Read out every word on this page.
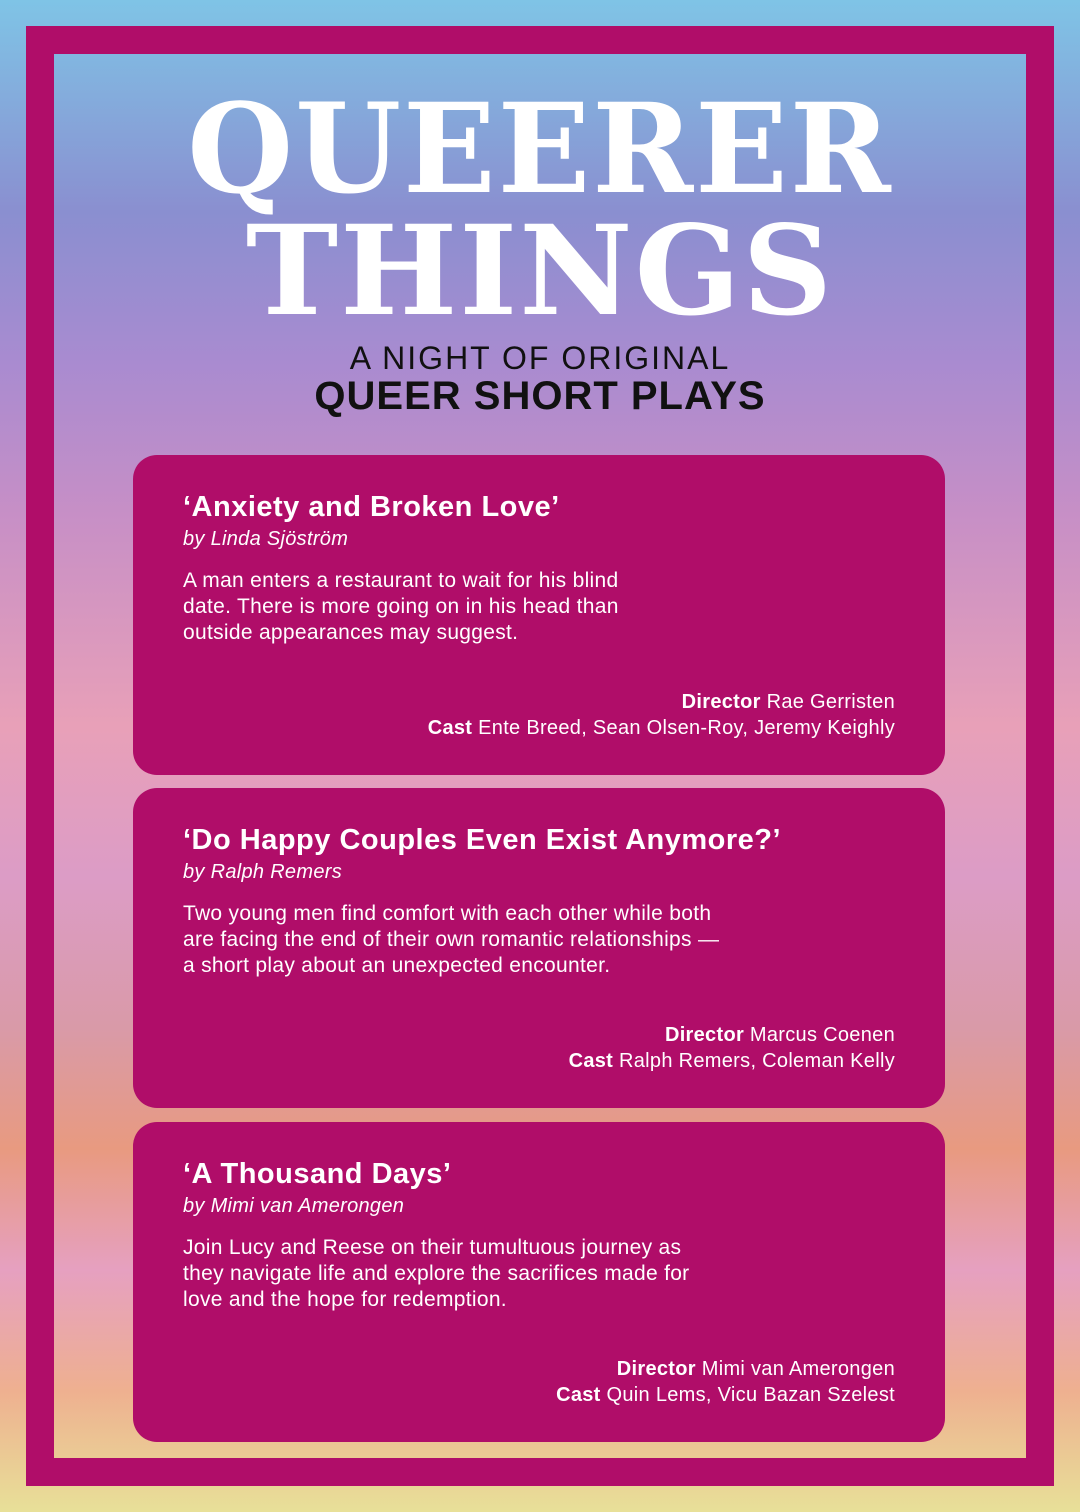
QUEERER
THINGS
A NIGHT OF ORIGINAL
QUEER SHORT PLAYS
‘Anxiety and Broken Love’
by Linda Sjöström
A man enters a restaurant to wait for his blind
date. There is more going on in his head than
outside appearances may suggest.
Director Rae Gerristen
Cast Ente Breed, Sean Olsen-Roy, Jeremy Keighly
‘Do Happy Couples Even Exist Anymore?’
by Ralph Remers
Two young men find comfort with each other while both
are facing the end of their own romantic relationships —
a short play about an unexpected encounter.
Director Marcus Coenen
Cast Ralph Remers, Coleman Kelly
‘A Thousand Days’
by Mimi van Amerongen
Join Lucy and Reese on their tumultuous journey as
they navigate life and explore the sacrifices made for
love and the hope for redemption.
Director Mimi van Amerongen
Cast Quin Lems, Vicu Bazan Szelest
